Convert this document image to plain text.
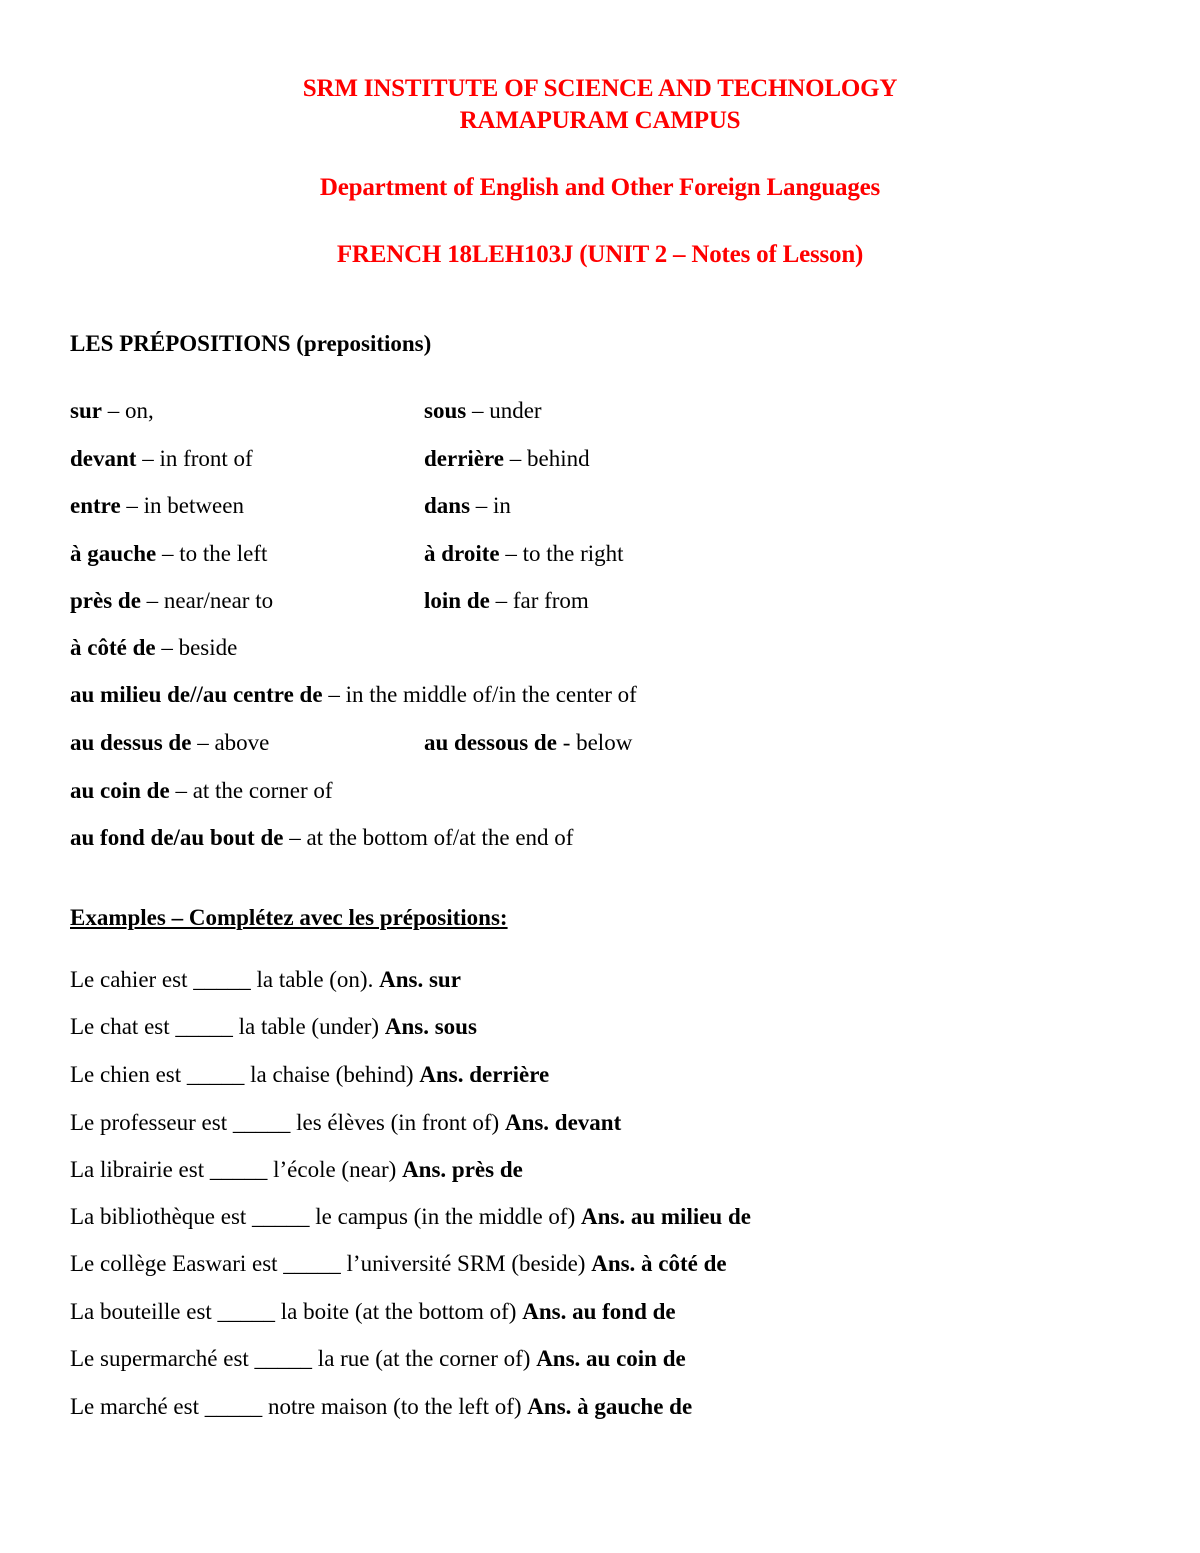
SRM INSTITUTE OF SCIENCE AND TECHNOLOGY
RAMAPURAM CAMPUS
Department of English and Other Foreign Languages
FRENCH 18LEH103J (UNIT 2 – Notes of Lesson)
LES PRÉPOSITIONS (prepositions)
sur – on,	sous – under
devant – in front of	derrière – behind
entre – in between	dans – in
à gauche – to the left	à droite – to the right
près de – near/near to	loin de – far from
à côté de – beside
au milieu de//au centre de – in the middle of/in the center of
au dessus de – above	au dessous de - below
au coin de – at the corner of
au fond de/au bout de – at the bottom of/at the end of
Examples – Complétez avec les prépositions:
Le cahier est _____ la table (on). Ans. sur
Le chat est _____ la table (under) Ans. sous
Le chien est _____ la chaise (behind) Ans. derrière
Le professeur est _____ les élèves (in front of) Ans. devant
La librairie est _____ l’école (near) Ans. près de
La bibliothèque est _____ le campus (in the middle of) Ans. au milieu de
Le collège Easwari est _____ l’université SRM (beside) Ans. à côté de
La bouteille est _____ la boite (at the bottom of) Ans. au fond de
Le supermarché est _____ la rue (at the corner of) Ans. au coin de
Le marché est _____ notre maison (to the left of) Ans. à gauche de
